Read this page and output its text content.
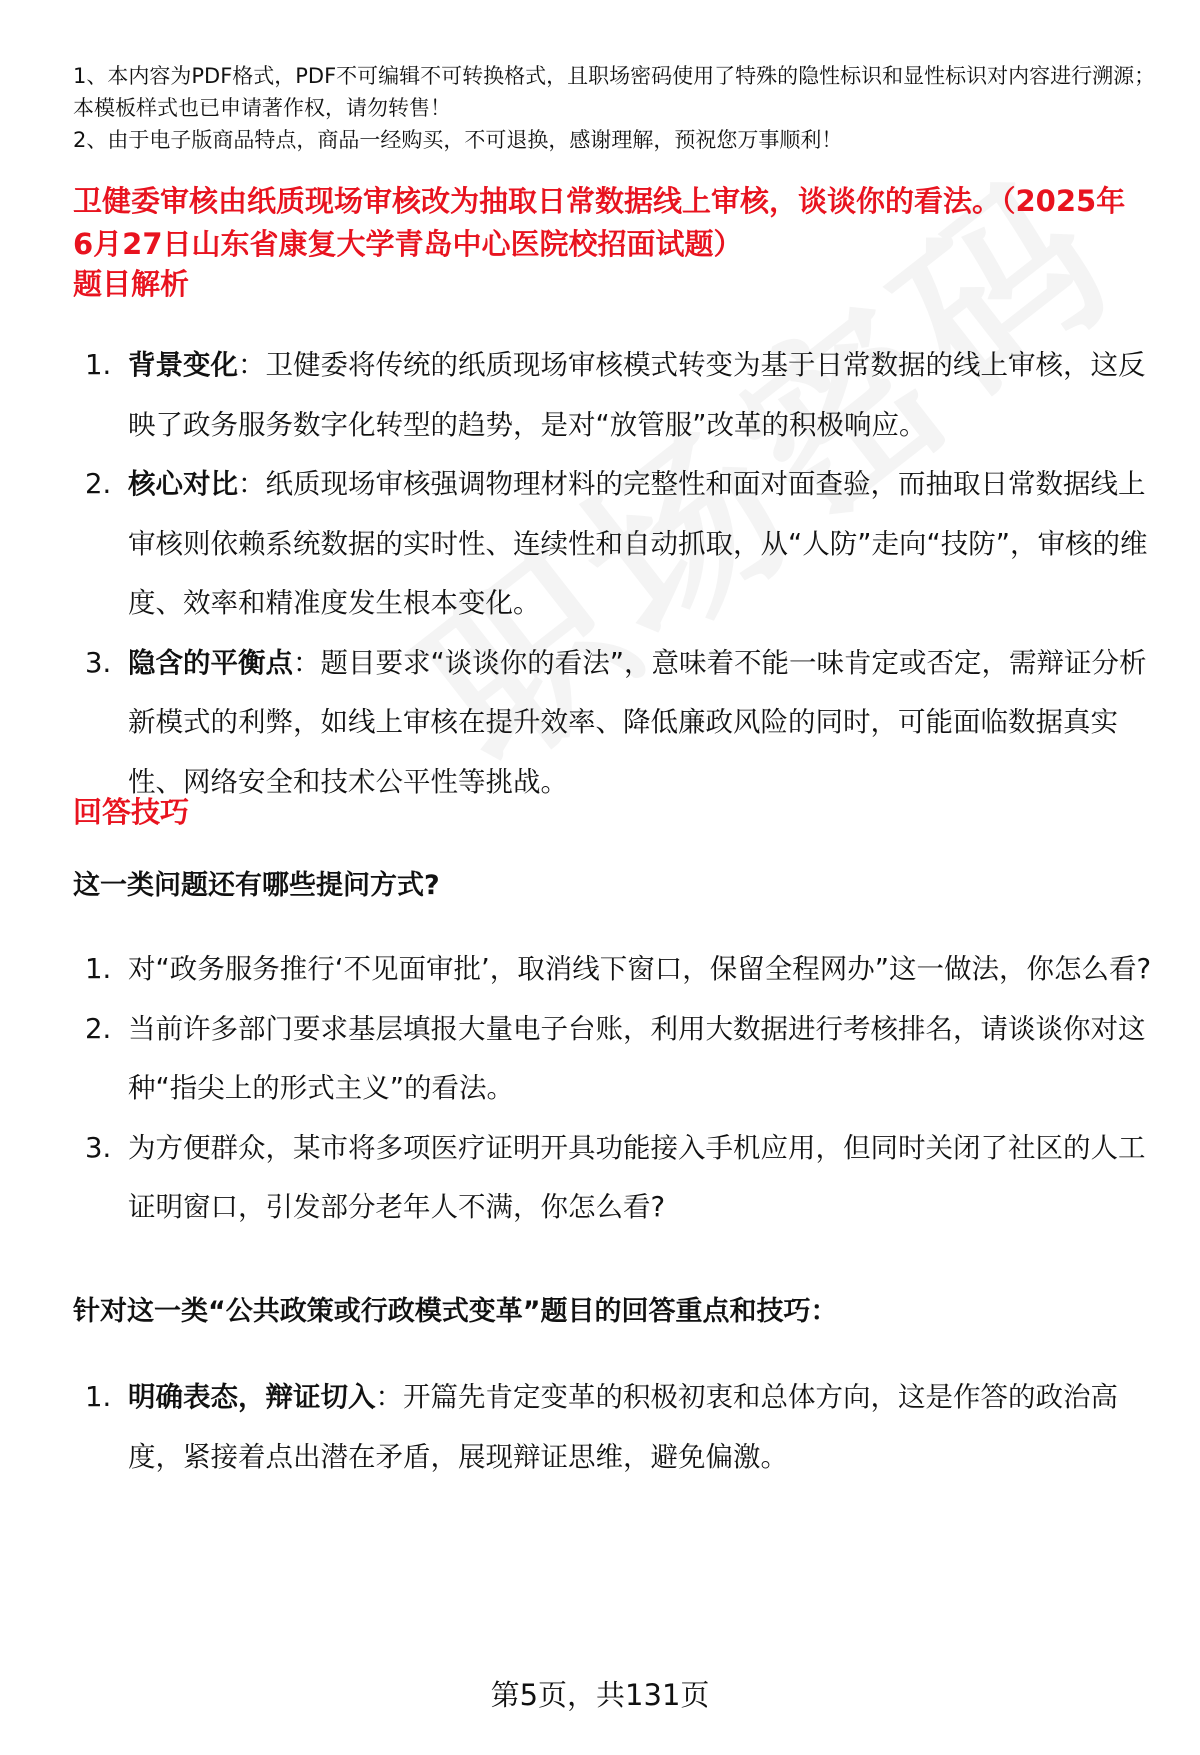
1、本内容为PDF格式，PDF不可编辑不可转换格式，且职场密码使用了特殊的隐性标识和显性标识对内容进行溯源；本模板样式也已申请著作权，请勿转售！

2、由于电子版商品特点，商品一经购买，不可退换，感谢理解，预祝您万事顺利！

卫健委审核由纸质现场审核改为抽取日常数据线上审核，谈谈你的看法。（2025年6月27日山东省康复大学青岛中心医院校招面试题）
题目解析
1. 背景变化：卫健委将传统的纸质现场审核模式转变为基于日常数据的线上审核，这反映了政务服务数字化转型的趋势，是对“放管服”改革的积极响应。
2. 核心对比：纸质现场审核强调物理材料的完整性和面对面查验，而抽取日常数据线上审核则依赖系统数据的实时性、连续性和自动抓取，从“人防”走向“技防”，审核的维度、效率和精准度发生根本变化。
3. 隐含的平衡点：题目要求“谈谈你的看法”，意味着不能一味肯定或否定，需辩证分析新模式的利弊，如线上审核在提升效率、降低廉政风险的同时，可能面临数据真实性、网络安全和技术公平性等挑战。
回答技巧
这一类问题还有哪些提问方式?
1. 对“政务服务推行‘不见面审批’，取消线下窗口，保留全程网办”这一做法，你怎么看?
2. 当前许多部门要求基层填报大量电子台账，利用大数据进行考核排名，请谈谈你对这种“指尖上的形式主义”的看法。
3. 为方便群众，某市将多项医疗证明开具功能接入手机应用，但同时关闭了社区的人工证明窗口，引发部分老年人不满，你怎么看?
针对这一类“公共政策或行政模式变革”题目的回答重点和技巧：
1. 明确表态，辩证切入：开篇先肯定变革的积极初衷和总体方向，这是作答的政治高度，紧接着点出潜在矛盾，展现辩证思维，避免偏激。
第5页，共131页
